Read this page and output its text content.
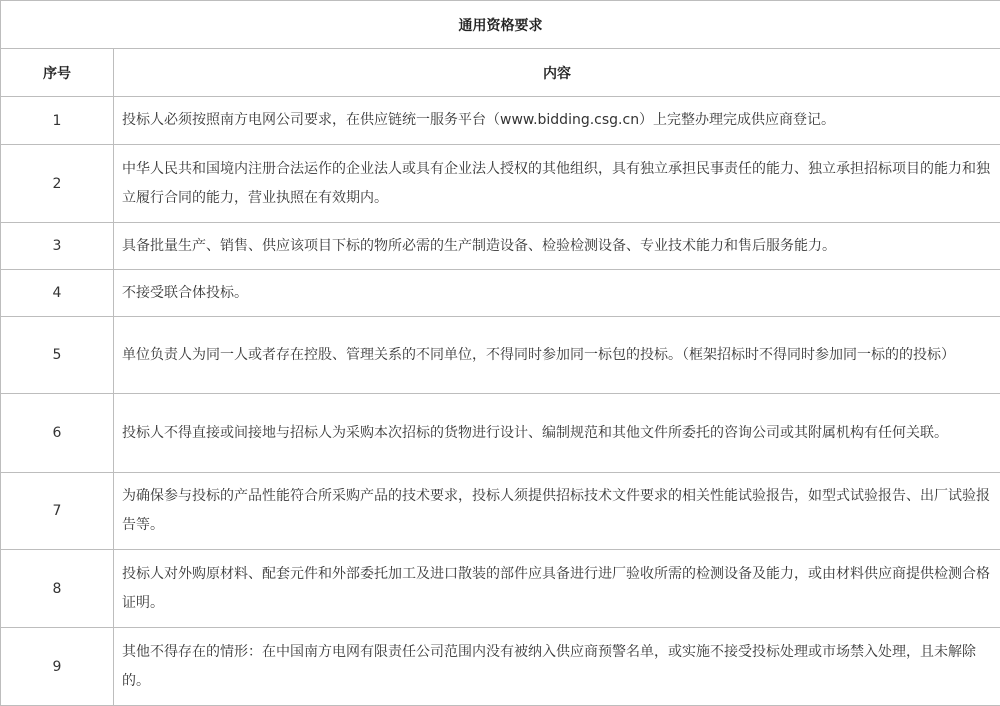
通用资格要求	
序号	内容
1	投标人必须按照南方电网公司要求，在供应链统一服务平台（www.bidding.csg.cn）上完整办理完成供应商登记。
2	中华人民共和国境内注册合法运作的企业法人或具有企业法人授权的其他组织，具有独立承担民事责任的能力、独立承担招标项目的能力和独立履行合同的能力，营业执照在有效期内。
3	具备批量生产、销售、供应该项目下标的物所必需的生产制造设备、检验检测设备、专业技术能力和售后服务能力。
4	不接受联合体投标。
5	单位负责人为同一人或者存在控股、管理关系的不同单位，不得同时参加同一标包的投标。（框架招标时不得同时参加同一标的的投标）
6	投标人不得直接或间接地与招标人为采购本次招标的货物进行设计、编制规范和其他文件所委托的咨询公司或其附属机构有任何关联。
7	为确保参与投标的产品性能符合所采购产品的技术要求，投标人须提供招标技术文件要求的相关性能试验报告，如型式试验报告、出厂试验报告等。
8	投标人对外购原材料、配套元件和外部委托加工及进口散装的部件应具备进行进厂验收所需的检测设备及能力，或由材料供应商提供检测合格证明。
9	其他不得存在的情形：在中国南方电网有限责任公司范围内没有被纳入供应商预警名单，或实施不接受投标处理或市场禁入处理，且未解除的。
